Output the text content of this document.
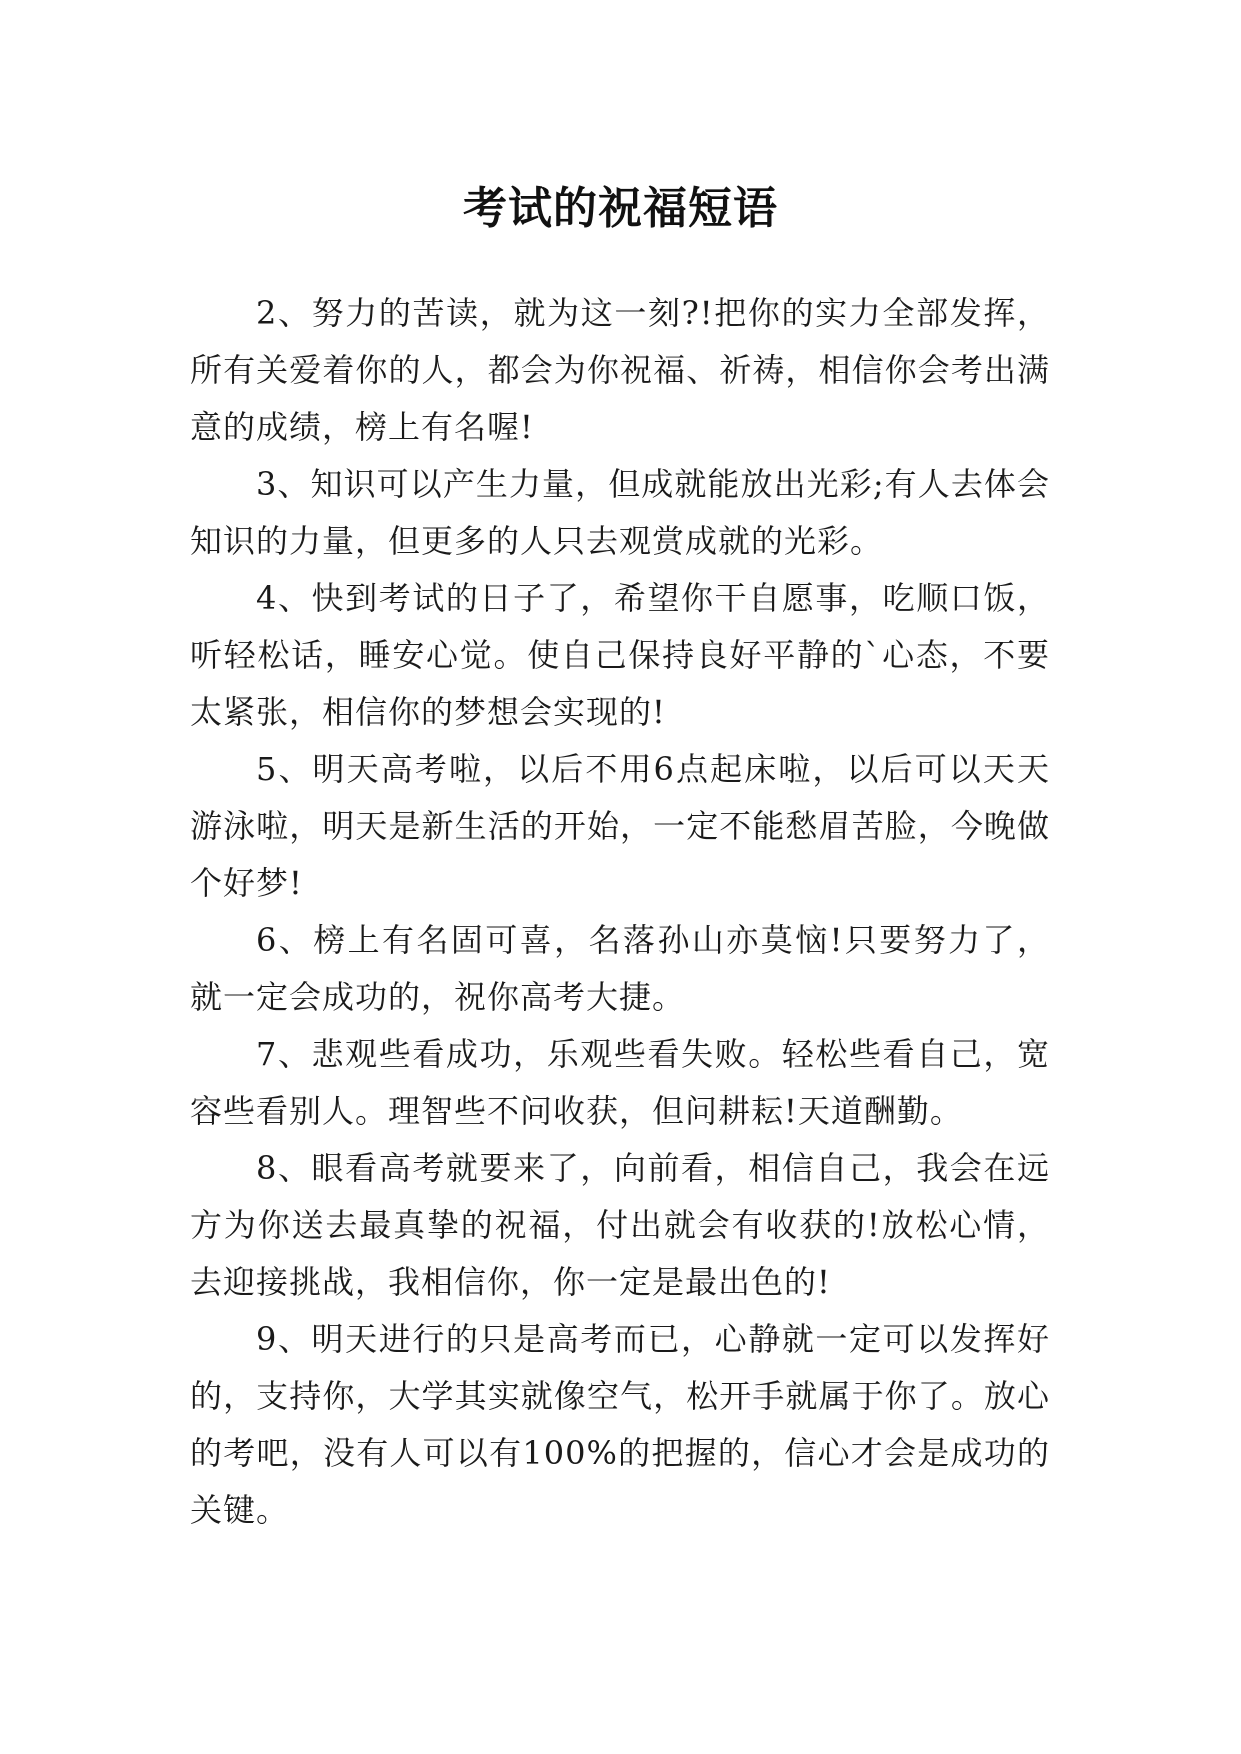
考试的祝福短语

2、努力的苦读，就为这一刻?!把你的实力全部发挥，所有关爱着你的人，都会为你祝福、祈祷，相信你会考出满意的成绩，榜上有名喔!

3、知识可以产生力量，但成就能放出光彩;有人去体会知识的力量，但更多的人只去观赏成就的光彩。

4、快到考试的日子了，希望你干自愿事，吃顺口饭，听轻松话，睡安心觉。使自己保持良好平静的`心态，不要太紧张，相信你的梦想会实现的!

5、明天高考啦，以后不用6点起床啦，以后可以天天游泳啦，明天是新生活的开始，一定不能愁眉苦脸，今晚做个好梦!

6、榜上有名固可喜，名落孙山亦莫恼!只要努力了，就一定会成功的，祝你高考大捷。

7、悲观些看成功，乐观些看失败。轻松些看自己，宽容些看别人。理智些不问收获，但问耕耘!天道酬勤。

8、眼看高考就要来了，向前看，相信自己，我会在远方为你送去最真挚的祝福，付出就会有收获的!放松心情，去迎接挑战，我相信你，你一定是最出色的!

9、明天进行的只是高考而已，心静就一定可以发挥好的，支持你，大学其实就像空气，松开手就属于你了。放心的考吧，没有人可以有100%的把握的，信心才会是成功的关键。
